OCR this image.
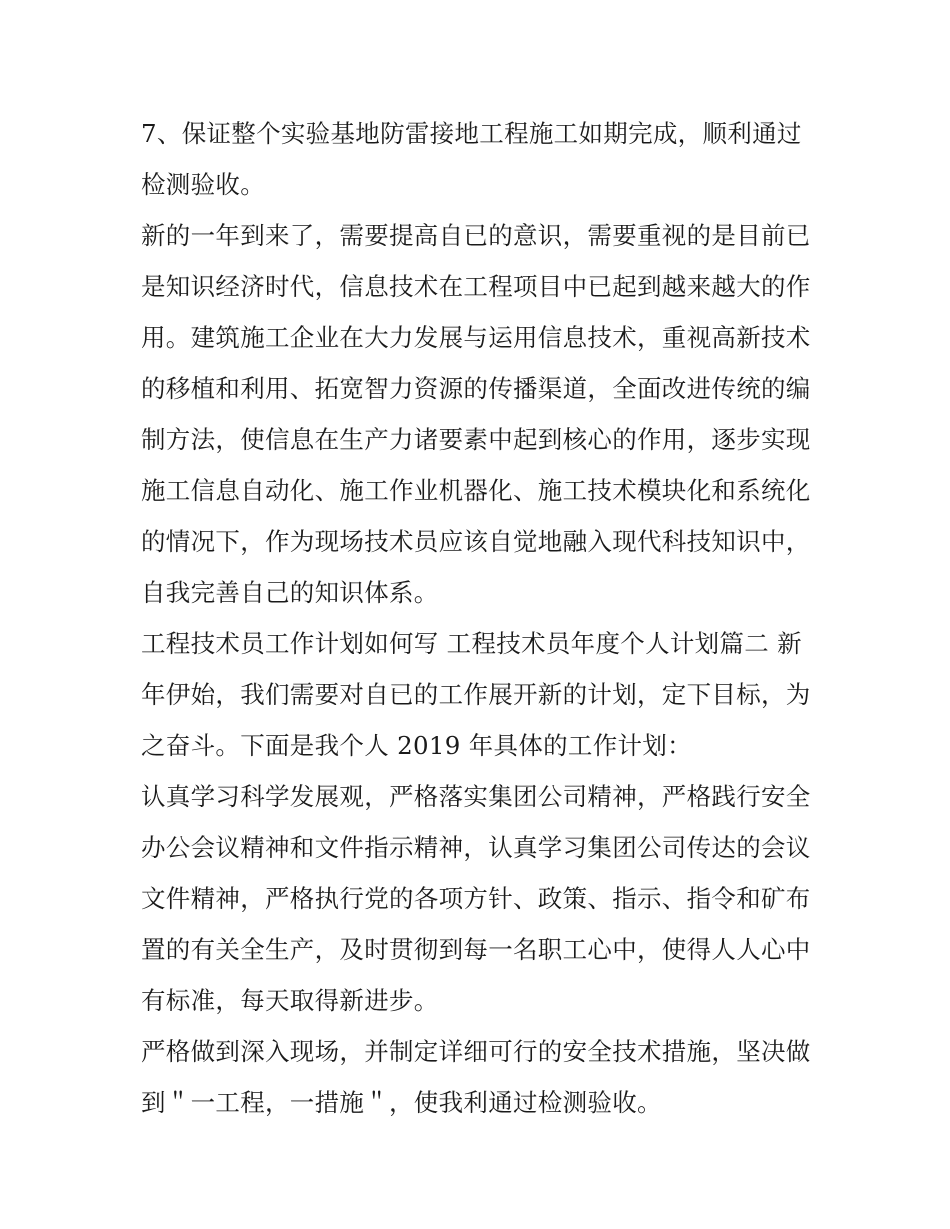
7、保证整个实验基地防雷接地工程施工如期完成，顺利通过检测验收。

新的一年到来了，需要提高自已的意识，需要重视的是目前已是知识经济时代，信息技术在工程项目中已起到越来越大的作用。建筑施工企业在大力发展与运用信息技术，重视高新技术的移植和利用、拓宽智力资源的传播渠道，全面改进传统的编制方法，使信息在生产力诸要素中起到核心的作用，逐步实现施工信息自动化、施工作业机器化、施工技术模块化和系统化的情况下，作为现场技术员应该自觉地融入现代科技知识中，自我完善自己的知识体系。

工程技术员工作计划如何写 工程技术员年度个人计划篇二 新年伊始，我们需要对自已的工作展开新的计划，定下目标，为之奋斗。下面是我个人 2019 年具体的工作计划：

认真学习科学发展观，严格落实集团公司精神，严格践行安全办公会议精神和文件指示精神，认真学习集团公司传达的会议文件精神，严格执行党的各项方针、政策、指示、指令和矿布置的有关全生产，及时贯彻到每一名职工心中，使得人人心中有标准，每天取得新进步。

严格做到深入现场，并制定详细可行的安全技术措施，坚决做到＂一工程，一措施＂，使我利通过检测验收。
